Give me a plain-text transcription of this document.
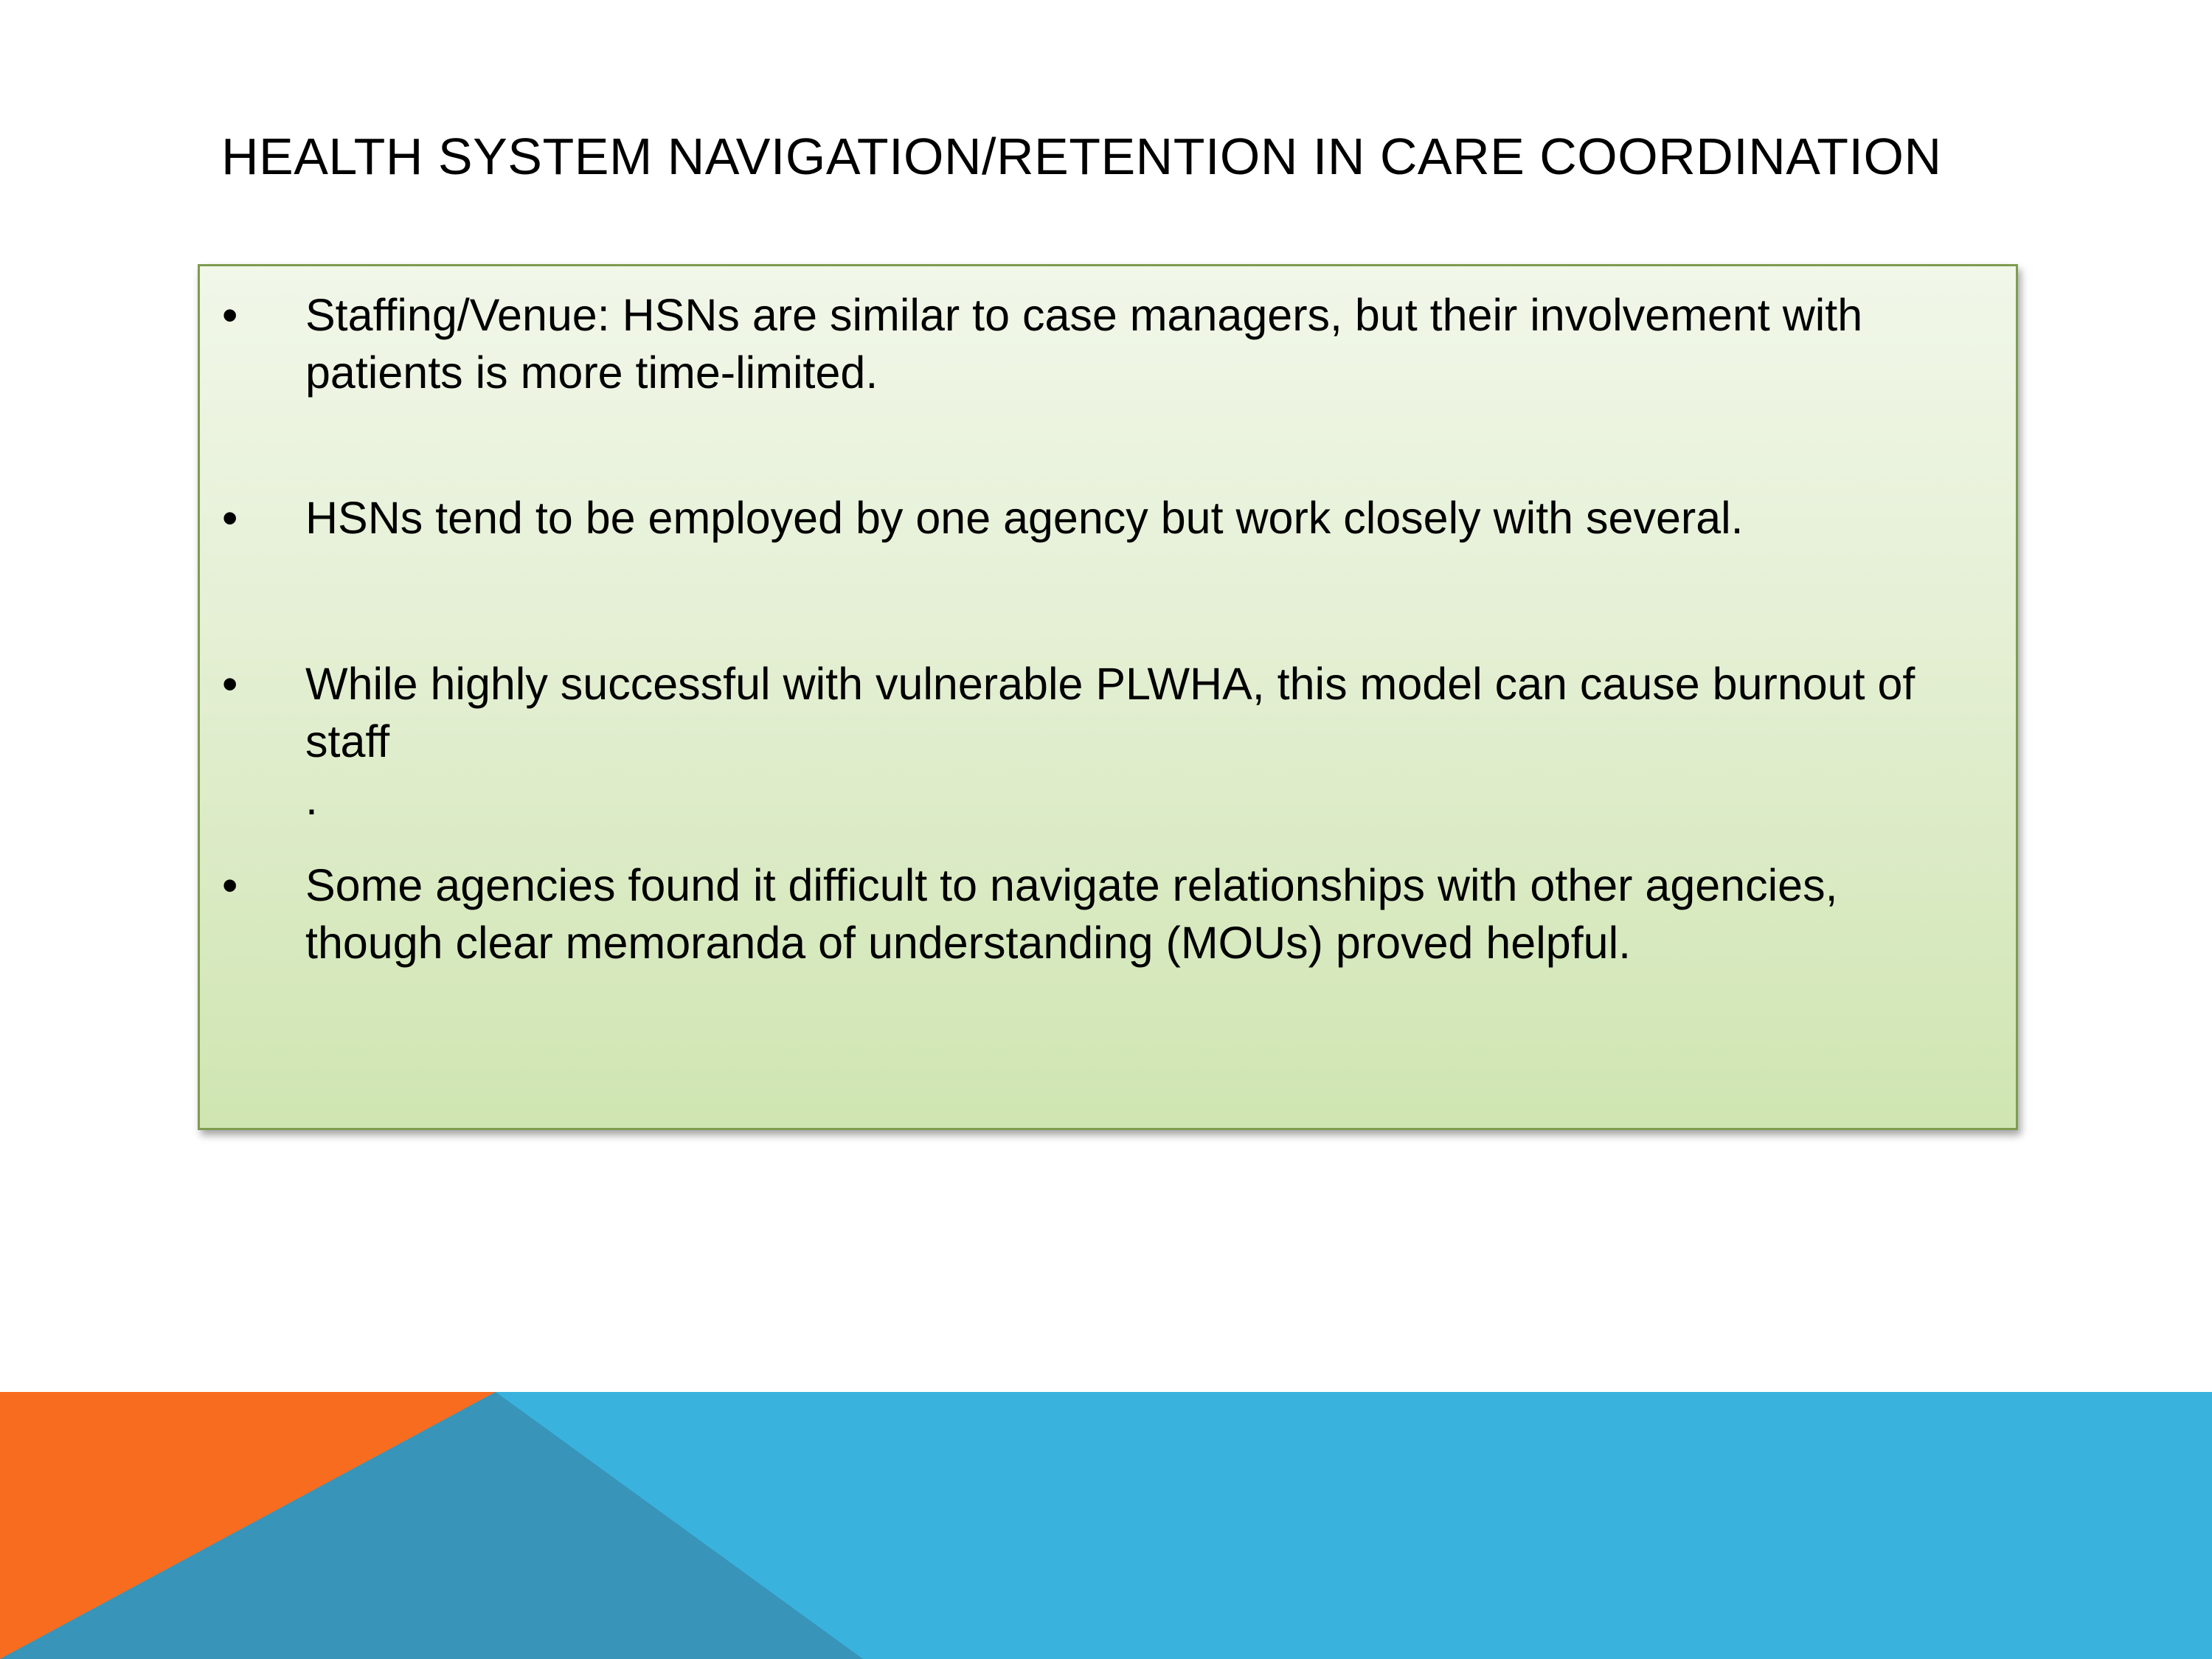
HEALTH SYSTEM NAVIGATION/RETENTION IN CARE COORDINATION
• Staffing/Venue: HSNs are similar to case managers, but their involvement with
patients is more time-limited.
• HSNs tend to be employed by one agency but work closely with several.
• While highly successful with vulnerable PLWHA, this model can cause burnout of
staff
.
• Some agencies found it difficult to navigate relationships with other agencies,
though clear memoranda of understanding (MOUs) proved helpful.
